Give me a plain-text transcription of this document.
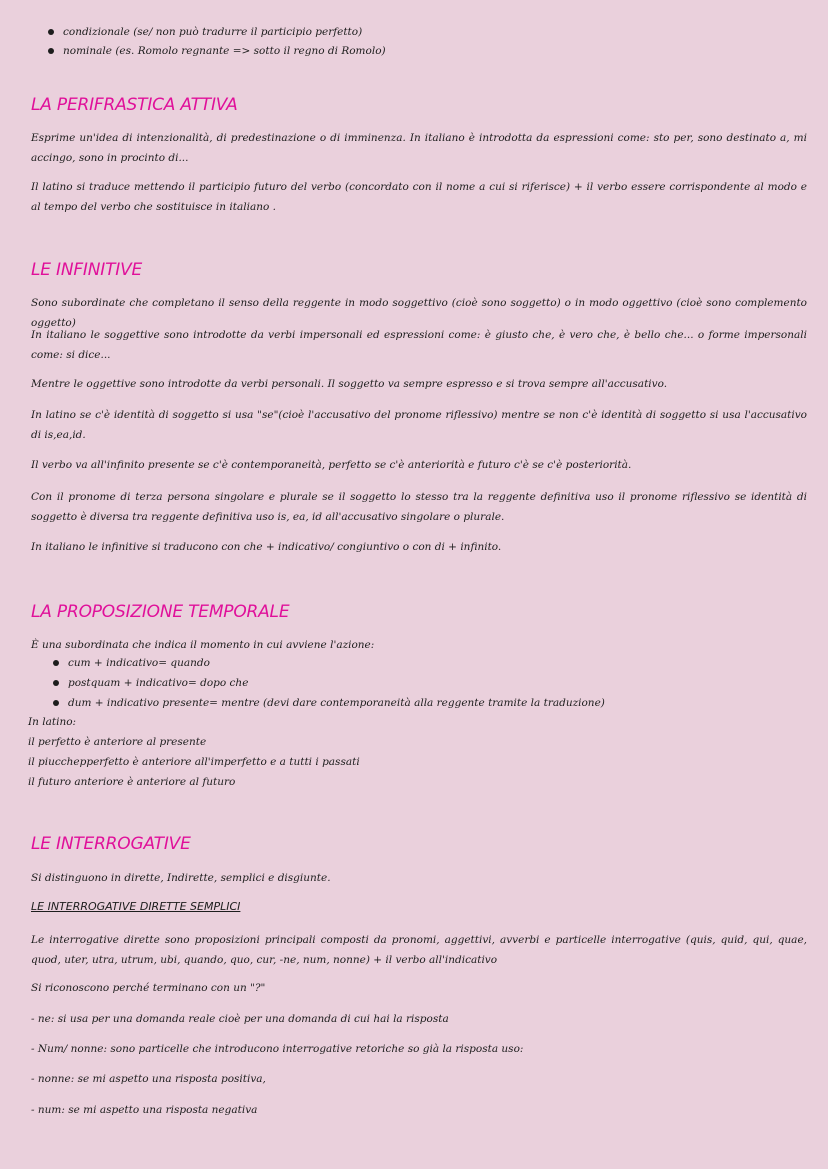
condizionale (se/ non può tradurre il participio perfetto)
nominale (es. Romolo regnante => sotto il regno di Romolo)
LA PERIFRASTICA ATTIVA
Esprime un'idea di intenzionalità, di predestinazione o di imminenza. In italiano è introdotta da espressioni come: sto per, sono destinato a, mi accingo, sono in procinto di...
Il latino si traduce mettendo il participio futuro del verbo (concordato con il nome a cui si riferisce) + il verbo essere corrispondente al modo e al tempo del verbo che sostituisce in italiano .
LE INFINITIVE
Sono subordinate che completano il senso della reggente in modo soggettivo (cioè sono soggetto) o in modo oggettivo (cioè sono complemento oggetto)
In italiano le soggettive sono introdotte da verbi impersonali ed espressioni come: è giusto che, è vero che, è bello che... o forme impersonali come: si dice...
Mentre le oggettive sono introdotte da verbi personali. Il soggetto va sempre espresso e si trova sempre all'accusativo.
In latino se c'è identità di soggetto si usa "se"(cioè l'accusativo del pronome riflessivo) mentre se non c'è identità di soggetto si usa l'accusativo di is,ea,id.
Il verbo va all'infinito presente se c'è contemporaneità, perfetto se c'è anteriorità e futuro c'è se c'è posteriorità.
Con il pronome di terza persona singolare e plurale se il soggetto lo stesso tra la reggente definitiva uso il pronome riflessivo se identità di soggetto è diversa tra reggente definitiva uso is, ea, id all'accusativo singolare o plurale.
In italiano le infinitive si traducono con che + indicativo/ congiuntivo o con di + infinito.
LA PROPOSIZIONE TEMPORALE
È una subordinata che indica il momento in cui avviene l'azione:
cum + indicativo= quando
postquam + indicativo= dopo che
dum + indicativo presente= mentre (devi dare contemporaneità alla reggente tramite la traduzione)
In latino:
il perfetto è anteriore al presente
il piucchepperfetto è anteriore all'imperfetto e a tutti i passati
il futuro anteriore è anteriore al futuro
LE INTERROGATIVE
Si distinguono in dirette, Indirette, semplici e disgiunte.
LE INTERROGATIVE DIRETTE SEMPLICI
Le interrogative dirette sono proposizioni principali composti da pronomi, aggettivi, avverbi e particelle interrogative (quis, quid, qui, quae, quod, uter, utra, utrum, ubi, quando, quo, cur, -ne, num, nonne) + il verbo all'indicativo
Si riconoscono perché terminano con un "?"
- ne: si usa per una domanda reale cioè per una domanda di cui hai la risposta
- Num/ nonne: sono particelle che introducono interrogative retoriche so già la risposta uso:
- nonne: se mi aspetto una risposta positiva,
- num: se mi aspetto una risposta negativa
